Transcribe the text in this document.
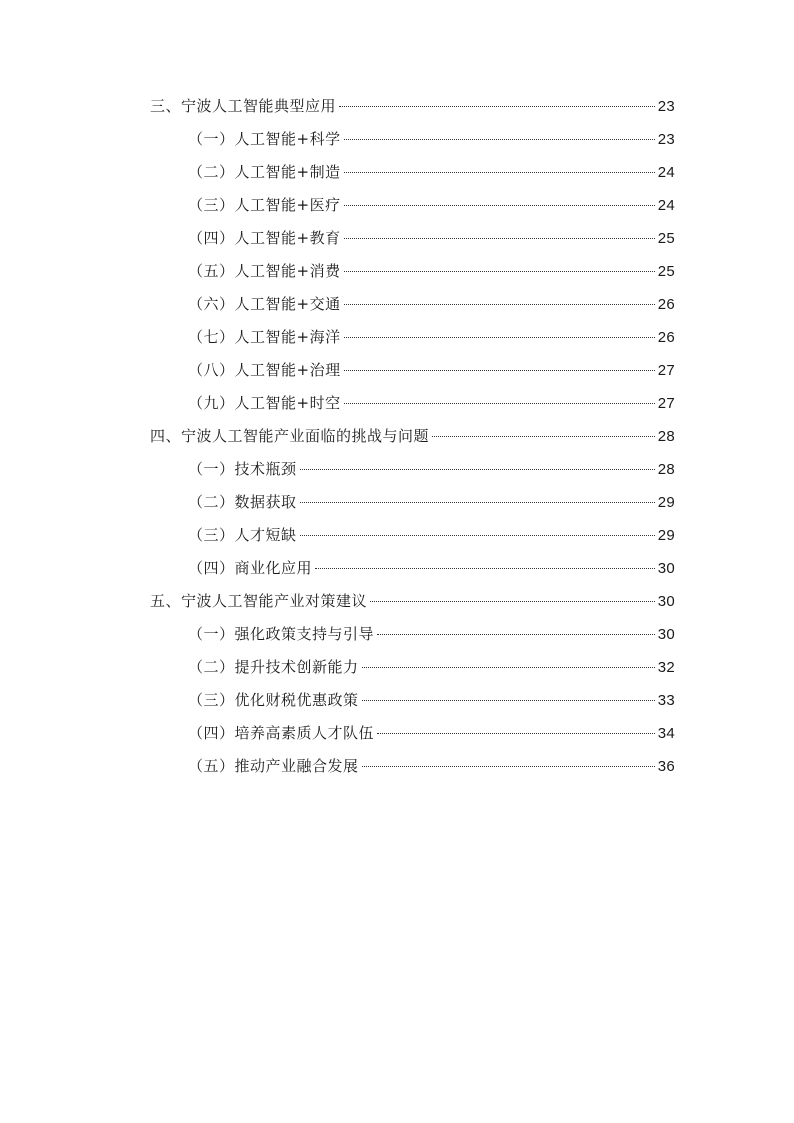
三、宁波人工智能典型应用	23
（一）人工智能+科学	23
（二）人工智能+制造	24
（三）人工智能+医疗	24
（四）人工智能+教育	25
（五）人工智能+消费	25
（六）人工智能+交通	26
（七）人工智能+海洋	26
（八）人工智能+治理	27
（九）人工智能+时空	27
四、宁波人工智能产业面临的挑战与问题	28
（一）技术瓶颈	28
（二）数据获取	29
（三）人才短缺	29
（四）商业化应用	30
五、宁波人工智能产业对策建议	30
（一）强化政策支持与引导	30
（二）提升技术创新能力	32
（三）优化财税优惠政策	33
（四）培养高素质人才队伍	34
（五）推动产业融合发展	36
